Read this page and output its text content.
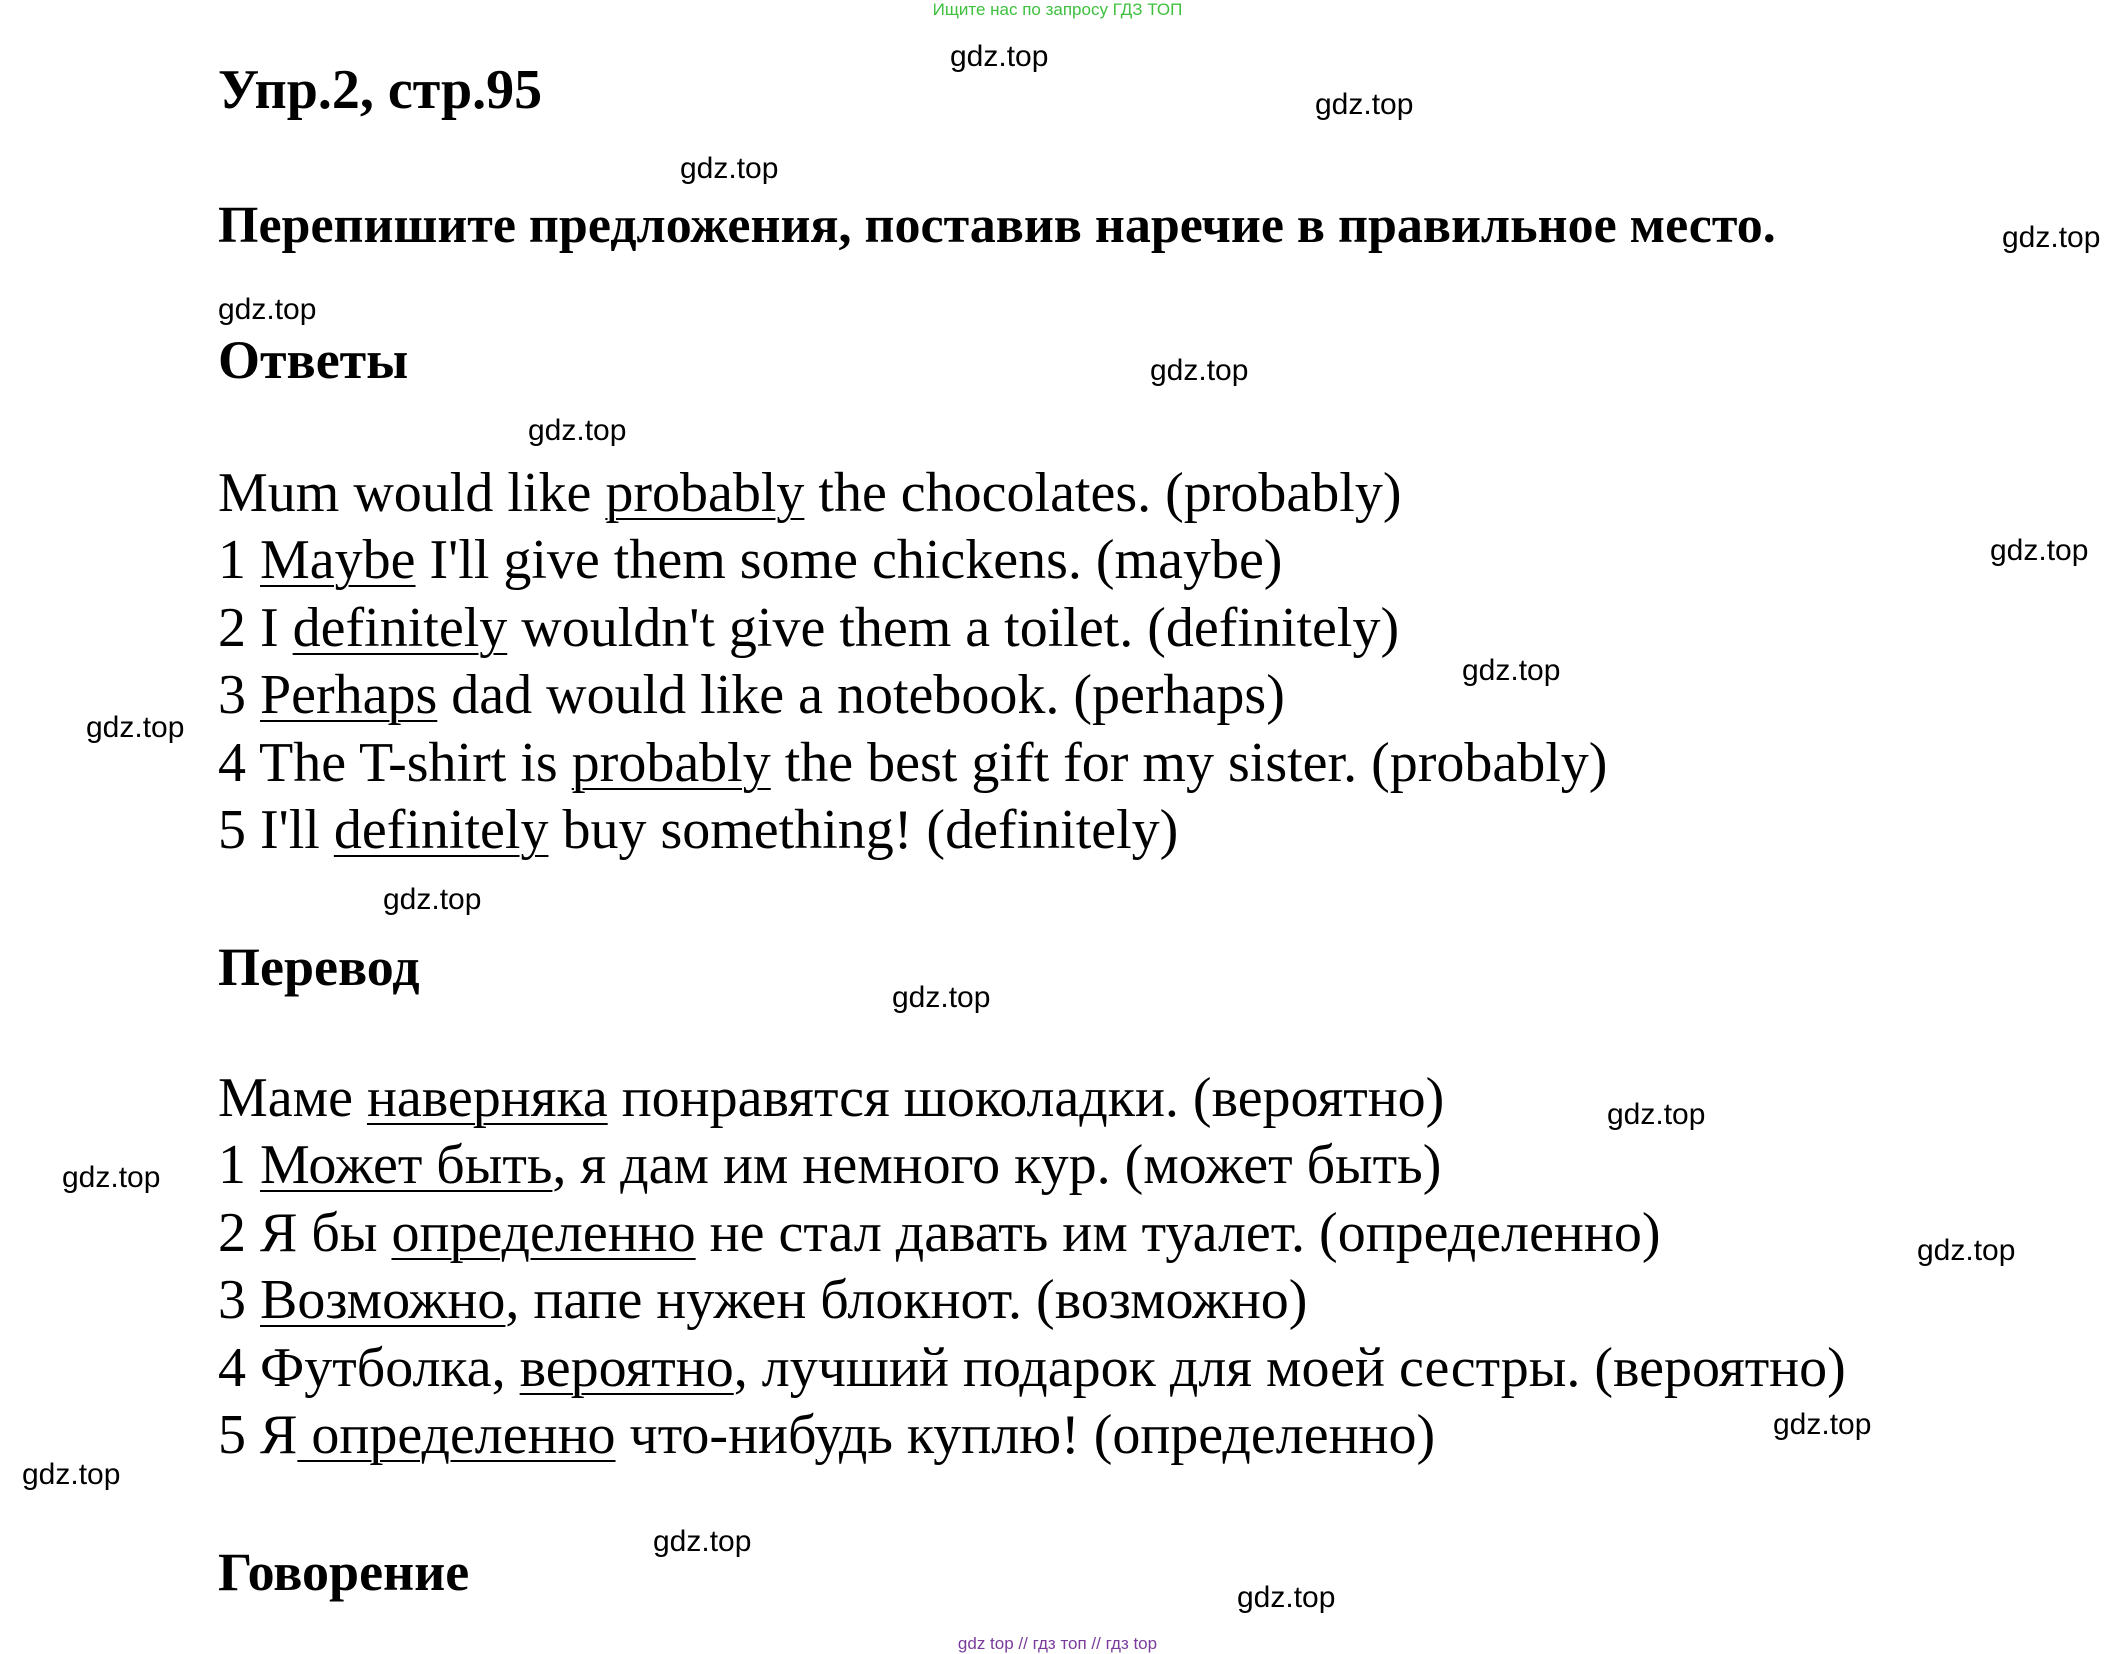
Ищите нас по запросу ГДЗ ТОП
Упр.2, стр.95
Перепишите предложения, поставив наречие в правильное место.
Ответы
Mum would like probably the chocolates. (probably)
1 Maybe I'll give them some chickens. (maybe)
2 I definitely wouldn't give them a toilet. (definitely)
3 Perhaps dad would like a notebook. (perhaps)
4 The T-shirt is probably the best gift for my sister. (probably)
5 I'll definitely buy something! (definitely)
Перевод
Маме наверняка понравятся шоколадки. (вероятно)
1 Может быть, я дам им немного кур. (может быть)
2 Я бы определенно не стал давать им туалет. (определенно)
3 Возможно, папе нужен блокнот. (возможно)
4 Футболка, вероятно, лучший подарок для моей сестры. (вероятно)
5 Я определенно что-нибудь куплю! (определенно)
Говорение
gdz.top
gdz.top
gdz.top
gdz.top
gdz.top
gdz.top
gdz.top
gdz.top
gdz.top
gdz.top
gdz.top
gdz.top
gdz.top
gdz.top
gdz.top
gdz.top
gdz.top
gdz.top
gdz.top
gdz top // гдз топ // гдз top
